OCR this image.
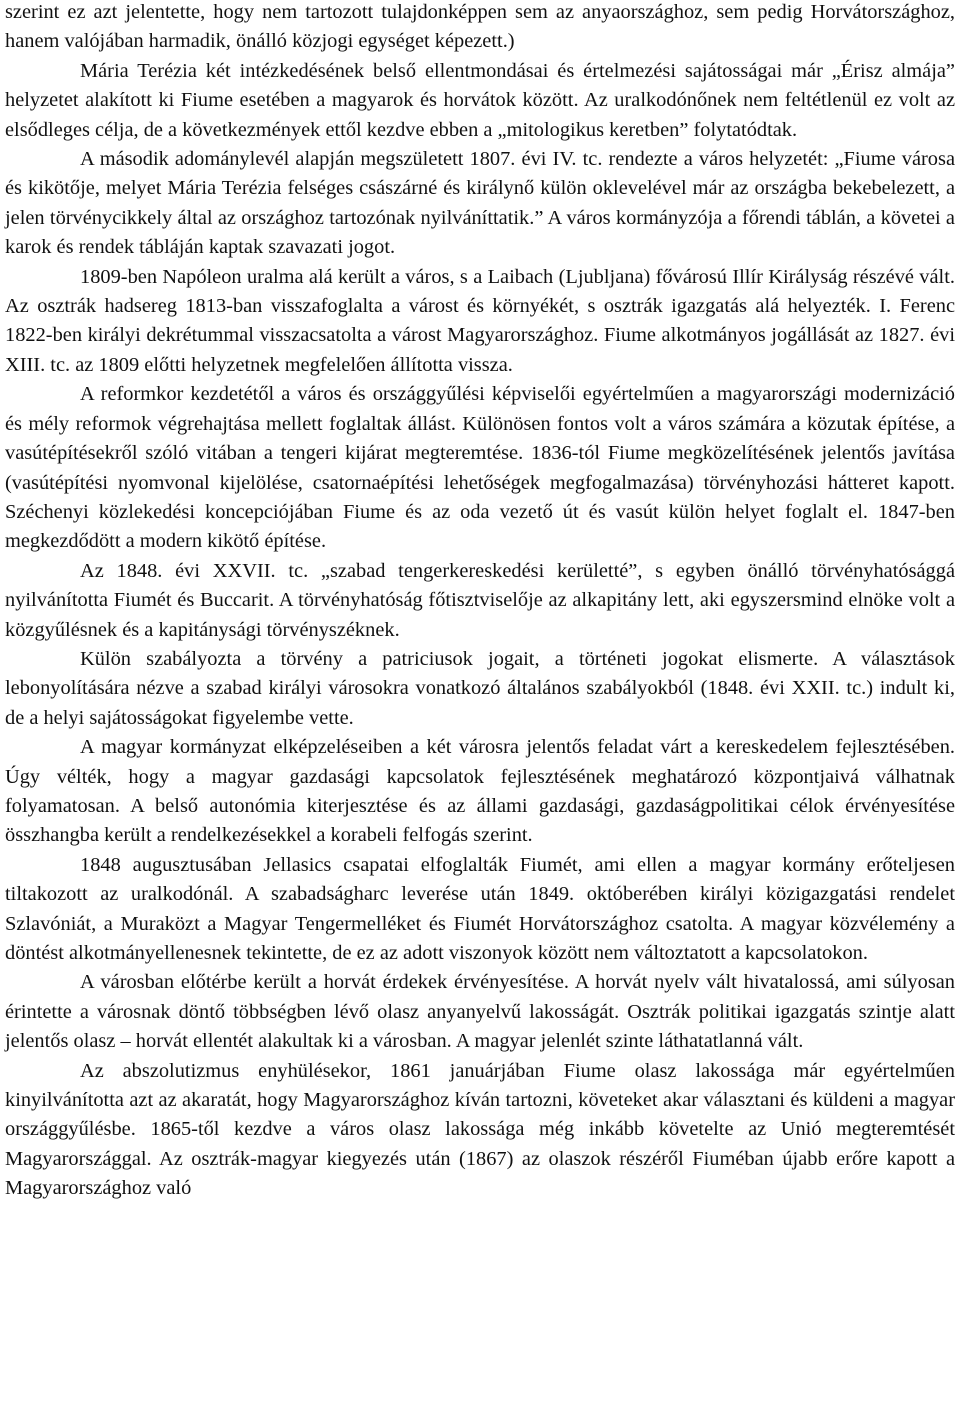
szerint ez azt jelentette, hogy nem tartozott tulajdonképpen sem az anyaországhoz, sem pedig Horvátországhoz, hanem valójában harmadik, önálló közjogi egységet képezett.)

Mária Terézia két intézkedésének belső ellentmondásai és értelmezési sajátosságai már „Érisz almája” helyzetet alakított ki Fiume esetében a magyarok és horvátok között. Az uralkodónőnek nem feltétlenül ez volt az elsődleges célja, de a következmények ettől kezdve ebben a „mitologikus keretben” folytatódtak.

A második adománylevél alapján megszületett 1807. évi IV. tc. rendezte a város helyzetét: „Fiume városa és kikötője, melyet Mária Terézia felséges császárné és királynő külön oklevelével már az országba bekebelezett, a jelen törvénycikkely által az országhoz tartozónak nyilváníttatik.” A város kormányzója a főrendi táblán, a követei a karok és rendek tábláján kaptak szavazati jogot.

1809-ben Napóleon uralma alá került a város, s a Laibach (Ljubljana) fővárosú Illír Királyság részévé vált. Az osztrák hadsereg 1813-ban visszafoglalta a várost és környékét, s osztrák igazgatás alá helyezték. I. Ferenc 1822-ben királyi dekrétummal visszacsatolta a várost Magyarországhoz. Fiume alkotmányos jogállását az 1827. évi XIII. tc. az 1809 előtti helyzetnek megfelelően állította vissza.

A reformkor kezdetétől a város és országgyűlési képviselői egyértelműen a magyarországi modernizáció és mély reformok végrehajtása mellett foglaltak állást. Különösen fontos volt a város számára a közutak építése, a vasútépítésekről szóló vitában a tengeri kijárat megteremtése. 1836-tól Fiume megközelítésének jelentős javítása (vasútépítési nyomvonal kijelölése, csatornaépítési lehetőségek megfogalmazása) törvényhozási hátteret kapott. Széchenyi közlekedési koncepciójában Fiume és az oda vezető út és vasút külön helyet foglalt el. 1847-ben megkezdődött a modern kikötő építése.

Az 1848. évi XXVII. tc. „szabad tengerkereskedési kerületté”, s egyben önálló törvényhatósággá nyilvánította Fiumét és Buccarit. A törvényhatóság főtisztviselője az alkapitány lett, aki egyszersmind elnöke volt a közgyűlésnek és a kapitánysági törvényszéknek.

Külön szabályozta a törvény a patriciusok jogait, a történeti jogokat elismerte. A választások lebonyolítására nézve a szabad királyi városokra vonatkozó általános szabályokból (1848. évi XXII. tc.) indult ki, de a helyi sajátosságokat figyelembe vette.

A magyar kormányzat elképzeléseiben a két városra jelentős feladat várt a kereskedelem fejlesztésében. Úgy vélték, hogy a magyar gazdasági kapcsolatok fejlesztésének meghatározó központjaivá válhatnak folyamatosan. A belső autonómia kiterjesztése és az állami gazdasági, gazdaságpolitikai célok érvényesítése összhangba került a rendelkezésekkel a korabeli felfogás szerint.

1848 augusztusában Jellasics csapatai elfoglalták Fiumét, ami ellen a magyar kormány erőteljesen tiltakozott az uralkodónál. A szabadságharc leverése után 1849. októberében királyi közigazgatási rendelet Szlavóniát, a Muraközt a Magyar Tengermelléket és Fiumét Horvátországhoz csatolta. A magyar közvélemény a döntést alkotmányellenesnek tekintette, de ez az adott viszonyok között nem változtatott a kapcsolatokon.

A városban előtérbe került a horvát érdekek érvényesítése. A horvát nyelv vált hivatalossá, ami súlyosan érintette a városnak döntő többségben lévő olasz anyanyelvű lakosságát. Osztrák politikai igazgatás szintje alatt jelentős olasz – horvát ellentét alakultak ki a városban. A magyar jelenlét szinte láthatatlanná vált.

Az abszolutizmus enyhülésekor, 1861 januárjában Fiume olasz lakossága már egyértelműen kinyilvánította azt az akaratát, hogy Magyarországhoz kíván tartozni, követeket akar választani és küldeni a magyar országgyűlésbe. 1865-től kezdve a város olasz lakossága még inkább követelte az Unió megteremtését Magyarországgal. Az osztrák-magyar kiegyezés után (1867) az olaszok részéről Fiuméban újabb erőre kapott a Magyarországhoz való
